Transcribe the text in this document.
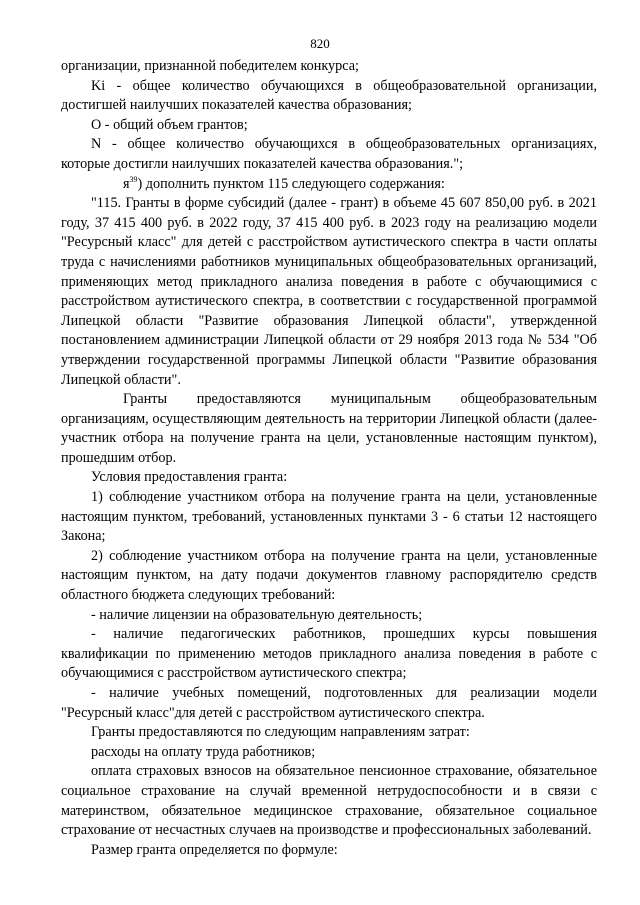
820

организации, признанной победителем конкурса;

Ki - общее количество обучающихся в общеобразовательной организации, достигшей наилучших показателей качества образования;

O - общий объем грантов;

N - общее количество обучающихся в общеобразовательных организациях, которые достигли наилучших показателей качества образования.";

$я^{39}$) дополнить пунктом 115 следующего содержания:

"115. Гранты в форме субсидий (далее - грант) в объеме 45 607 850,00 руб. в 2021 году, 37 415 400 руб. в 2022 году, 37 415 400 руб. в 2023 году на реализацию модели "Ресурсный класс" для детей с расстройством аутистического спектра в части оплаты труда с начислениями работников муниципальных общеобразовательных организаций, применяющих метод прикладного анализа поведения в работе с обучающимися с расстройством аутистического спектра, в соответствии с государственной программой Липецкой области "Развитие образования Липецкой области", утвержденной постановлением администрации Липецкой области от 29 ноября 2013 года № 534 "Об утверждении государственной программы Липецкой области "Развитие образования Липецкой области".

Гранты предоставляются муниципальным общеобразовательным организациям, осуществляющим деятельность на территории Липецкой области (далее-участник отбора на получение гранта на цели, установленные настоящим пунктом), прошедшим отбор.

Условия предоставления гранта:

1) соблюдение участником отбора на получение гранта на цели, установленные настоящим пунктом, требований, установленных пунктами 3 - 6 статьи 12 настоящего Закона;

2) соблюдение участником отбора на получение гранта на цели, установленные настоящим пунктом, на дату подачи документов главному распорядителю средств областного бюджета следующих требований:

- наличие лицензии на образовательную деятельность;

- наличие педагогических работников, прошедших курсы повышения квалификации по применению методов прикладного анализа поведения в работе с обучающимися с расстройством аутистического спектра;

- наличие учебных помещений, подготовленных для реализации модели "Ресурсный класс"для детей с расстройством аутистического спектра.

Гранты предоставляются по следующим направлениям затрат:

расходы на оплату труда работников;

оплата страховых взносов на обязательное пенсионное страхование, обязательное социальное страхование на случай временной нетрудоспособности и в связи с материнством, обязательное медицинское страхование, обязательное социальное страхование от несчастных случаев на производстве и профессиональных заболеваний.

Размер гранта определяется по формуле:
